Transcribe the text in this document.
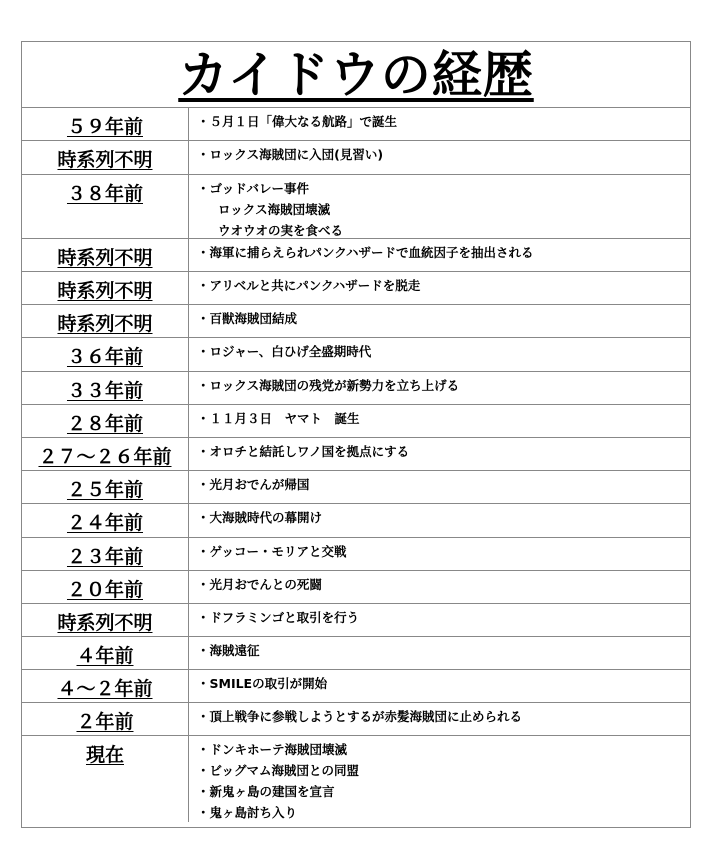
カイドウの経歴
５９年前	・５月１日「偉大なる航路」で誕生
時系列不明	・ロックス海賊団に入団(見習い)
３８年前	・ゴッドバレー事件
ロックス海賊団壊滅
ウオウオの実を食べる
時系列不明	・海軍に捕らえられパンクハザードで血統因子を抽出される
時系列不明	・アリベルと共にパンクハザードを脱走
時系列不明	・百獣海賊団結成
３６年前	・ロジャー、白ひげ全盛期時代
３３年前	・ロックス海賊団の残党が新勢力を立ち上げる
２８年前	・１１月３日　ヤマト　誕生
２７〜２６年前	・オロチと結託しワノ国を拠点にする
２５年前	・光月おでんが帰国
２４年前	・大海賊時代の幕開け
２３年前	・ゲッコー・モリアと交戦
２０年前	・光月おでんとの死闘
時系列不明	・ドフラミンゴと取引を行う
４年前	・海賊遠征
４〜２年前	・SMILEの取引が開始
２年前	・頂上戦争に参戦しようとするが赤髪海賊団に止められる
現在	・ドンキホーテ海賊団壊滅
・ビッグマム海賊団との同盟
・新鬼ヶ島の建国を宣言
・鬼ヶ島討ち入り
